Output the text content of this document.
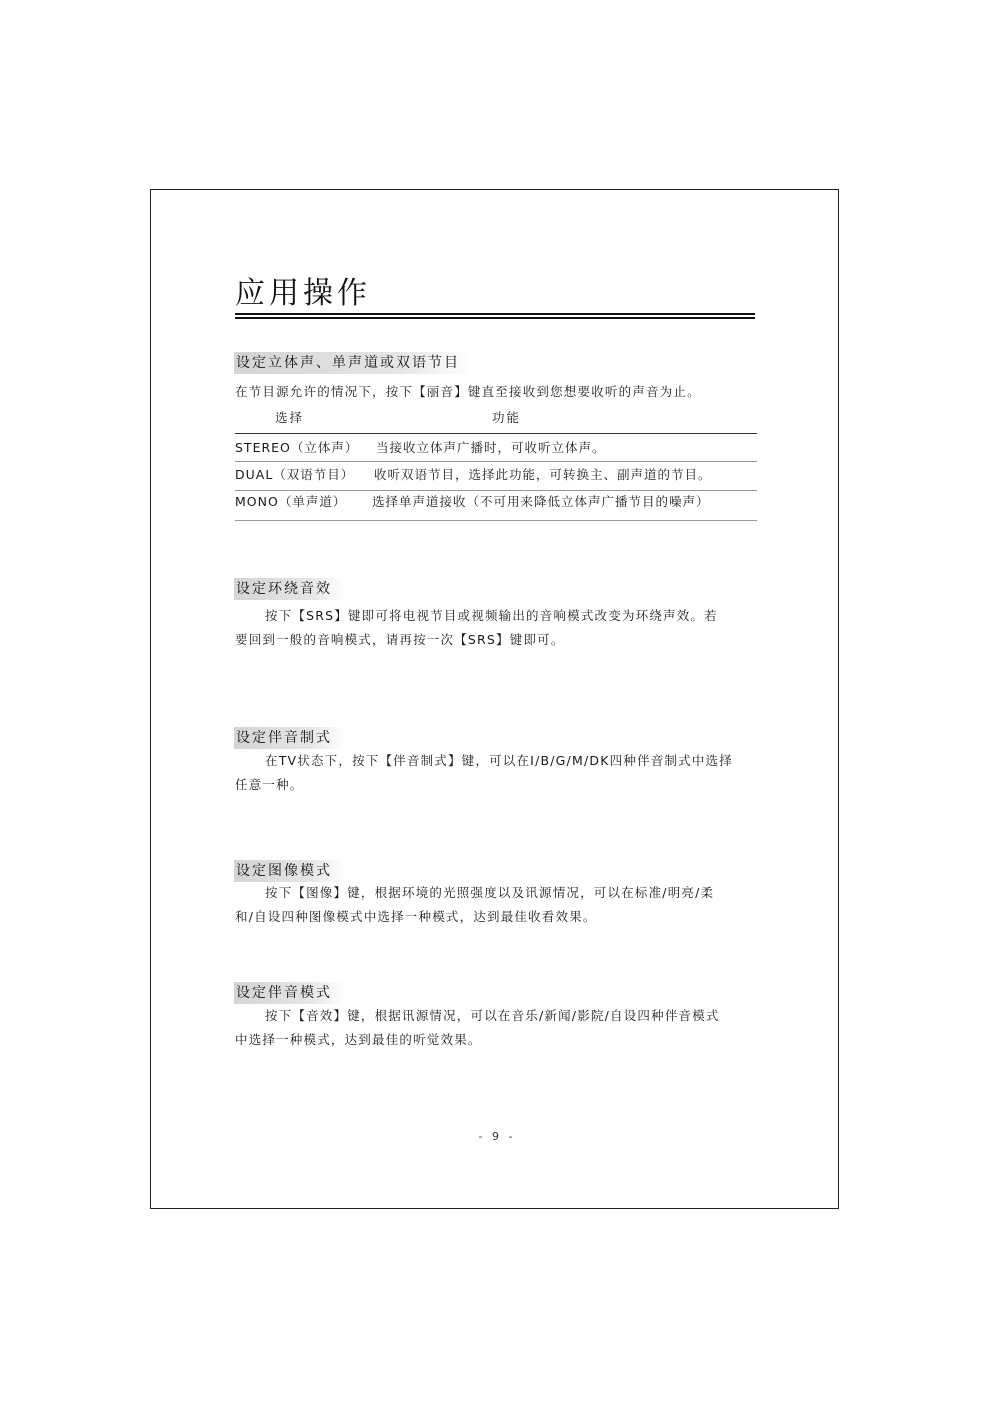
应用操作
设定立体声、单声道或双语节目

在节目源允许的情况下，按下【丽音】键直至接收到您想要收听的声音为止。

选择	功能
STEREO（立体声） 当接收立体声广播时，可收听立体声。
DUAL（双语节目） 收听双语节目，选择此功能，可转换主、副声道的节目。
MONO（单声道） 选择单声道接收（不可用来降低立体声广播节目的噪声）
设定环绕音效

按下【SRS】键即可将电视节目或视频输出的音响模式改变为环绕声效。若
要回到一般的音响模式，请再按一次【SRS】键即可。

设定伴音制式

在TV状态下，按下【伴音制式】键，可以在I/B/G/M/DK四种伴音制式中选择
任意一种。

设定图像模式

按下【图像】键，根据环境的光照强度以及讯源情况，可以在标准/明亮/柔
和/自设四种图像模式中选择一种模式，达到最佳收看效果。

设定伴音模式

按下【音效】键，根据讯源情况，可以在音乐/新闻/影院/自设四种伴音模式
中选择一种模式，达到最佳的听觉效果。

- 9 -
